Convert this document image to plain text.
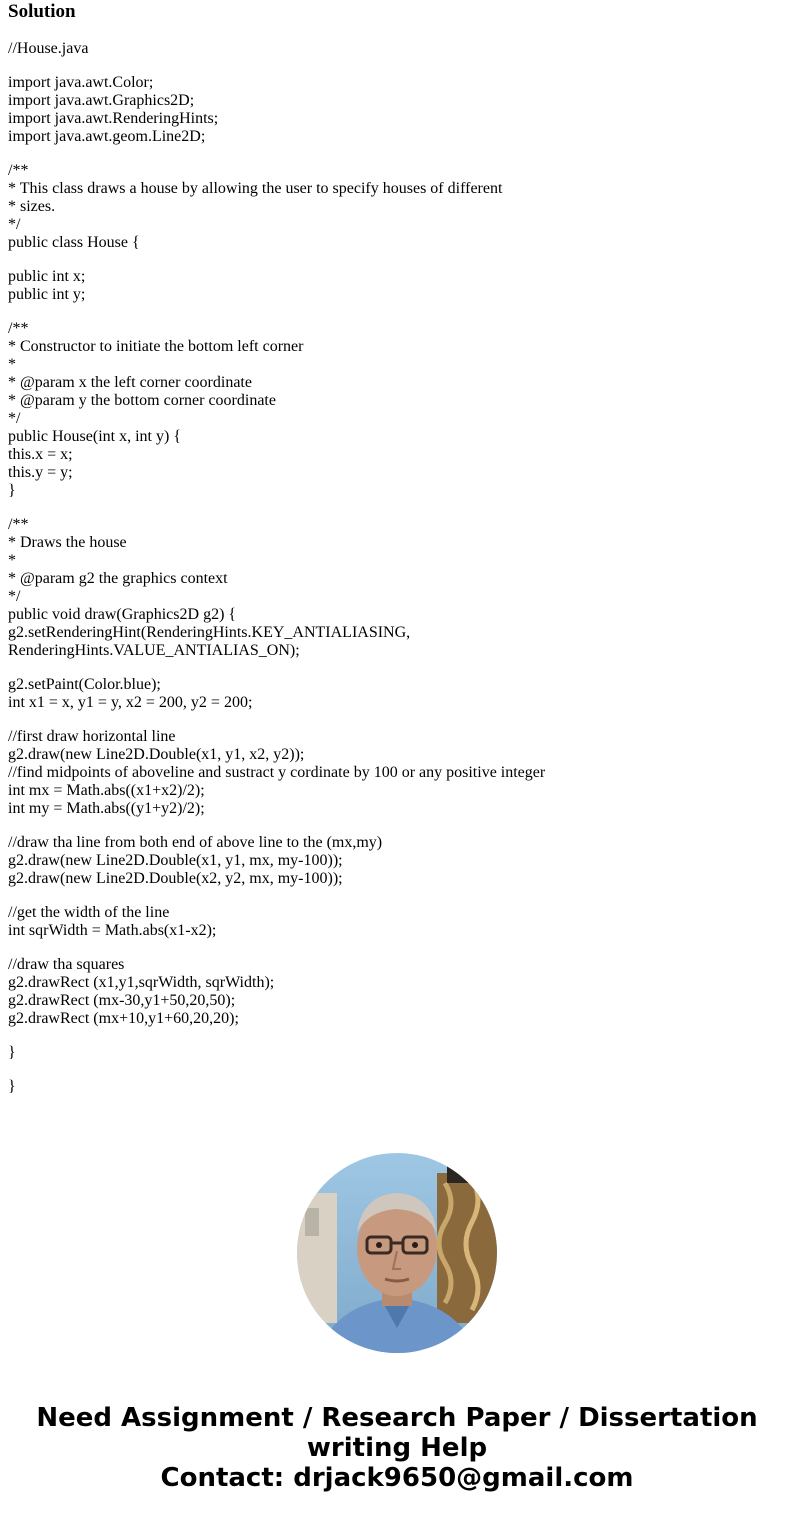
Solution
//House.java
import java.awt.Color;
import java.awt.Graphics2D;
import java.awt.RenderingHints;
import java.awt.geom.Line2D;
/**
* This class draws a house by allowing the user to specify houses of different
* sizes.
*/
public class House {
public int x;
public int y;
/**
* Constructor to initiate the bottom left corner
*
* @param x the left corner coordinate
* @param y the bottom corner coordinate
*/
public House(int x, int y) {
this.x = x;
this.y = y;
}
/**
* Draws the house
*
* @param g2 the graphics context
*/
public void draw(Graphics2D g2) {
g2.setRenderingHint(RenderingHints.KEY_ANTIALIASING,
RenderingHints.VALUE_ANTIALIAS_ON);
g2.setPaint(Color.blue);
int x1 = x, y1 = y, x2 = 200, y2 = 200;
//first draw horizontal line
g2.draw(new Line2D.Double(x1, y1, x2, y2));
//find midpoints of aboveline and sustract y cordinate by 100 or any positive integer
int mx = Math.abs((x1+x2)/2);
int my = Math.abs((y1+y2)/2);
//draw tha line from both end of above line to the (mx,my)
g2.draw(new Line2D.Double(x1, y1, mx, my-100));
g2.draw(new Line2D.Double(x2, y2, mx, my-100));
//get the width of the line
int sqrWidth = Math.abs(x1-x2);
//draw tha squares
g2.drawRect (x1,y1,sqrWidth, sqrWidth);
g2.drawRect (mx-30,y1+50,20,50);
g2.drawRect (mx+10,y1+60,20,20);
}
}
Need Assignment / Research Paper / Dissertation
writing Help
Contact: drjack9650@gmail.com
